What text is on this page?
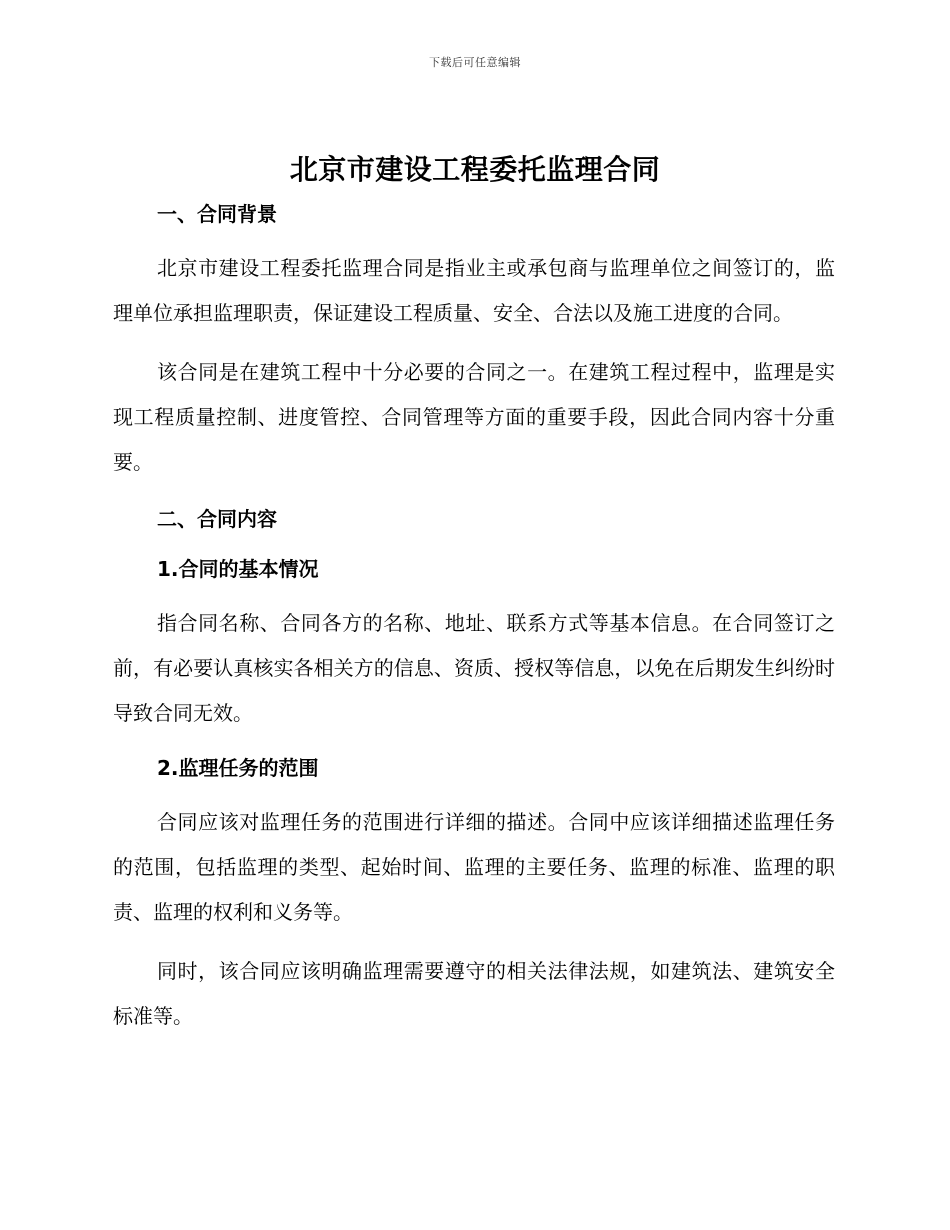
下载后可任意编辑
北京市建设工程委托监理合同
一、合同背景

北京市建设工程委托监理合同是指业主或承包商与监理单位之间签订的，监理单位承担监理职责，保证建设工程质量、安全、合法以及施工进度的合同。

该合同是在建筑工程中十分必要的合同之一。在建筑工程过程中，监理是实现工程质量控制、进度管控、合同管理等方面的重要手段，因此合同内容十分重要。

二、合同内容
1.合同的基本情况

指合同名称、合同各方的名称、地址、联系方式等基本信息。在合同签订之前，有必要认真核实各相关方的信息、资质、授权等信息，以免在后期发生纠纷时导致合同无效。

2.监理任务的范围

合同应该对监理任务的范围进行详细的描述。合同中应该详细描述监理任务的范围，包括监理的类型、起始时间、监理的主要任务、监理的标准、监理的职责、监理的权利和义务等。

同时，该合同应该明确监理需要遵守的相关法律法规，如建筑法、建筑安全标准等。
